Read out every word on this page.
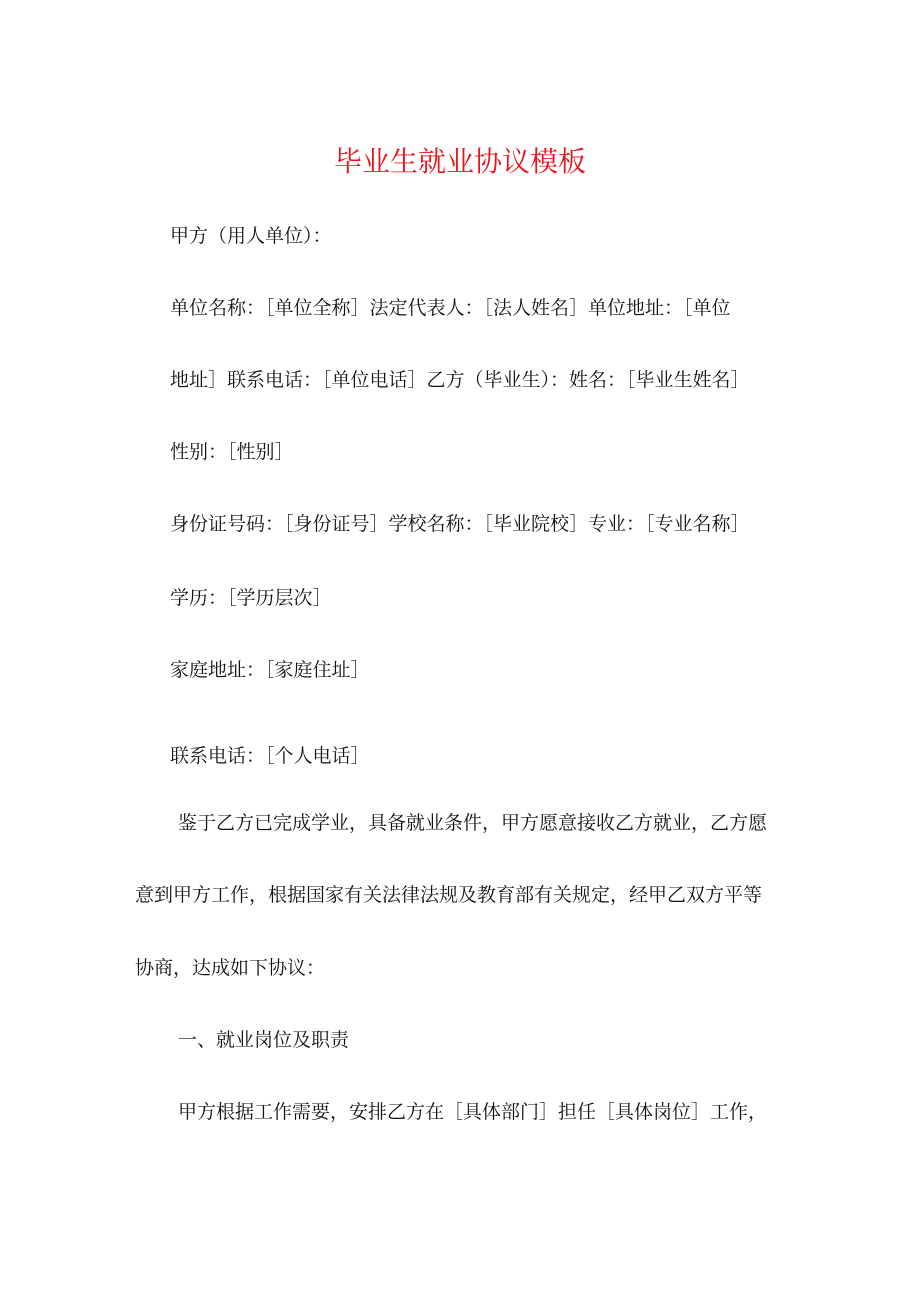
毕业生就业协议模板
甲方（用人单位）：
单位名称：［单位全称］法定代表人：［法人姓名］单位地址：［单位
地址］联系电话：［单位电话］乙方（毕业生）：姓名：［毕业生姓名］
性别：［性别］
身份证号码：［身份证号］学校名称：［毕业院校］专业：［专业名称］
学历：［学历层次］
家庭地址：［家庭住址］
联系电话：［个人电话］
鉴于乙方已完成学业，具备就业条件，甲方愿意接收乙方就业，乙方愿
意到甲方工作，根据国家有关法律法规及教育部有关规定，经甲乙双方平等
协商，达成如下协议：
一、就业岗位及职责
甲方根据工作需要，安排乙方在［具体部门］担任［具体岗位］工作，
